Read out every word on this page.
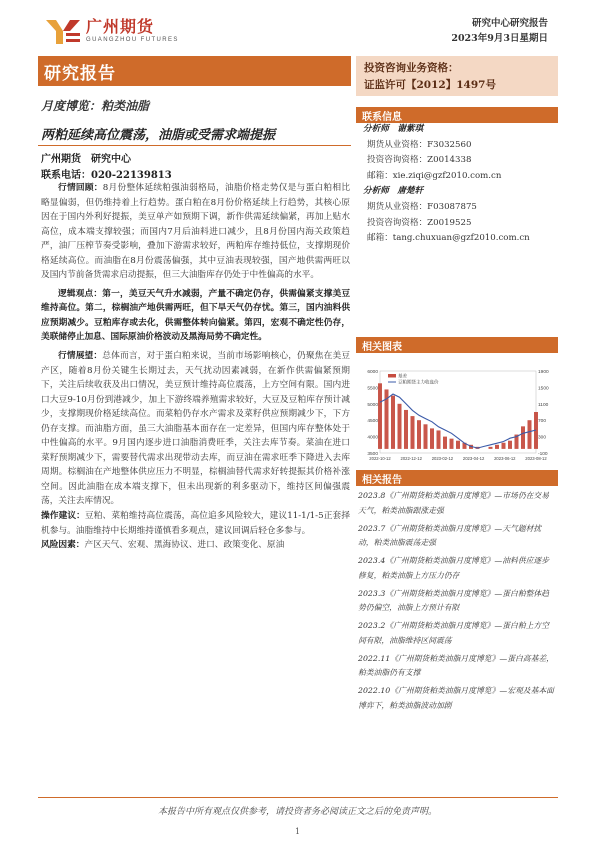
广州期货
GUANGZHOU FUTURES
研究中心研究报告
2023年9月3日星期日
研究报告	投资咨询业务资格：
证监许可【2012】1497号
月度博览：粕类油脂
两粕延续高位震荡，油脂或受需求端提振
广州期货　研究中心
联系电话：020-22139813

行情回顾：8月份整体延续粕强油弱格局，油脂价格走势仅是与蛋白粕相比略显偏弱，但仍维持着上行趋势。蛋白粕在8月份价格延续上行趋势，其核心原因在于国内外利好提振，美豆单产如预期下调，新作供需延续偏紧，再加上贴水高位，成本端支撑较强；而国内7月后油料进口减少，且8月份国内海关政策趋严，油厂压榨节奏受影响，叠加下游需求较好，两粕库存维持低位，支撑期现价格延续高位。而油脂在8月份震荡偏强，其中豆油表现较强，国产地供需两旺以及国内节前备货需求启动提振，但三大油脂库存仍处于中性偏高的水平。

逻辑观点：第一，美豆天气升水减弱，产量不确定仍存，供需偏紧支撑美豆维持高位。第二，棕榈油产地供需两旺，但下旱天气仍存忧。第三，国内油料供应预期减少。豆粕库存或去化，供需整体转向偏紧。第四，宏观不确定性仍存，美联储停止加息、国际原油价格波动及黑海局势不确定性。

行情展望：总体而言，对于蛋白粕来说，当前市场影响核心，仍聚焦在美豆产区，随着8月份关键生长期过去，天气扰动因素减弱，在新作供需偏紧预期下，关注后续收获及出口情况，美豆预计维持高位震荡，上方空间有限。国内进口大豆9-10月份到港减少，加上下游终端养殖需求较好，大豆及豆粕库存预计减少，支撑期现价格延续高位。而菜粕仍存水产需求及菜籽供应预期减少下，下方仍存支撑。而油脂方面，虽三大油脂基本面存在一定差异，但国内库存整体处于中性偏高的水平。9月国内逐步进口油脂消费旺季，关注去库节奏。菜油在进口菜籽预期减少下，需要替代需求出现带动去库，而豆油在需求旺季下降进入去库周期。棕榈油在产地整体供应压力不明显，棕榈油替代需求好转提振其价格补涨空间。因此油脂在成本端支撑下，但未出现新的利多驱动下，维持区间偏强震荡，关注去库情况。

操作建议：豆粕、菜粕维持高位震荡，高位追多风险较大，建议11-1/1-5正套择机参与。油脂维持中长期维持谨慎看多观点，建议回调后轻仓多参与。

风险因素：产区天气、宏观、黑海协议、进口、政策变化、原油

联系信息
分析师　谢紫琪
期货从业资格：F3032560
投资咨询资格：Z0014338
邮箱：xie.ziqi@gzf2010.com.cn
分析师　唐楚轩
期货从业资格：F03087875
投资咨询资格：Z0019525
邮箱：tang.chuxuan@gzf2010.com.cn
相关图表
6000
5500
5000
4500
4000
3500
1900
1500
1100
700
300
-100
2022-10-12 2022-12-12 2023-02-12 2023-04-12 2023-06-12 2023-08-12
基差
豆粕期货主力收盘价
相关报告
2023.8《广州期货粕类油脂月度博览》—市场仍在交易天气，粕类油脂跟涨走强
2023.7《广州期货粕类油脂月度博览》—天气题材扰动，粕类油脂震荡走强
2023.4《广州期货粕类油脂月度博览》—油料供应逐步修复，粕类油脂上方压力仍存
2023.3《广州期货粕类油脂月度博览》—蛋白粕整体趋势仍偏空，油脂上方预计有限
2023.2《广州期货粕类油脂月度博览》—蛋白粕上方空间有限，油脂维持区间震荡
2022.11《广州期货粕类油脂月度博览》—蛋白高基差，粕类油脂仍有支撑
2022.10《广州期货粕类油脂月度博览》—宏观及基本面博弈下，粕类油脂波动加剧
本报告中所有观点仅供参考，请投资者务必阅读正文之后的免责声明。
1
